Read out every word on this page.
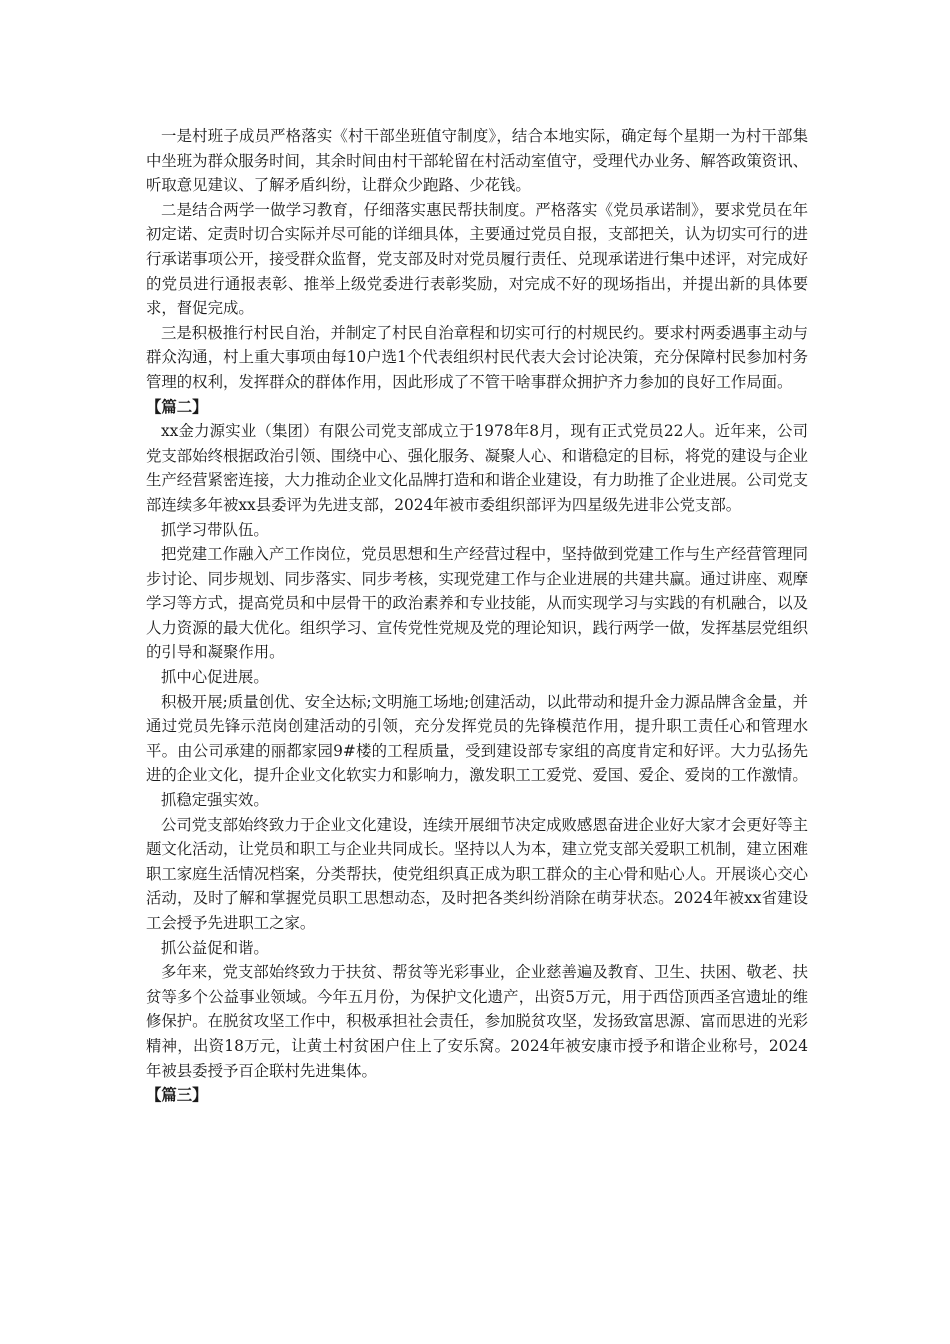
一是村班子成员严格落实《村干部坐班值守制度》，结合本地实际，确定每个星期一为村干部集中坐班为群众服务时间，其余时间由村干部轮留在村活动室值守，受理代办业务、解答政策资讯、听取意见建议、了解矛盾纠纷，让群众少跑路、少花钱。

二是结合两学一做学习教育，仔细落实惠民帮扶制度。严格落实《党员承诺制》，要求党员在年初定诺、定责时切合实际并尽可能的详细具体，主要通过党员自报，支部把关，认为切实可行的进行承诺事项公开，接受群众监督，党支部及时对党员履行责任、兑现承诺进行集中述评，对完成好的党员进行通报表彰、推举上级党委进行表彰奖励，对完成不好的现场指出，并提出新的具体要求，督促完成。

三是积极推行村民自治，并制定了村民自治章程和切实可行的村规民约。要求村两委遇事主动与群众沟通，村上重大事项由每10户选1个代表组织村民代表大会讨论决策，充分保障村民参加村务管理的权利，发挥群众的群体作用，因此形成了不管干啥事群众拥护齐力参加的良好工作局面。

【篇二】

xx金力源实业（集团）有限公司党支部成立于1978年8月，现有正式党员22人。近年来，公司党支部始终根据政治引领、围绕中心、强化服务、凝聚人心、和谐稳定的目标，将党的建设与企业生产经营紧密连接，大力推动企业文化品牌打造和和谐企业建设，有力助推了企业进展。公司党支部连续多年被xx县委评为先进支部，2024年被市委组织部评为四星级先进非公党支部。

抓学习带队伍。

把党建工作融入产工作岗位，党员思想和生产经营过程中，坚持做到党建工作与生产经营管理同步讨论、同步规划、同步落实、同步考核，实现党建工作与企业进展的共建共赢。通过讲座、观摩学习等方式，提高党员和中层骨干的政治素养和专业技能，从而实现学习与实践的有机融合，以及人力资源的最大优化。组织学习、宣传党性党规及党的理论知识，践行两学一做，发挥基层党组织的引导和凝聚作用。

抓中心促进展。

积极开展;质量创优、安全达标;文明施工场地;创建活动，以此带动和提升金力源品牌含金量，并通过党员先锋示范岗创建活动的引领，充分发挥党员的先锋模范作用，提升职工责任心和管理水平。由公司承建的丽都家园9#楼的工程质量，受到建设部专家组的高度肯定和好评。大力弘扬先进的企业文化，提升企业文化软实力和影响力，激发职工工爱党、爱国、爱企、爱岗的工作激情。

抓稳定强实效。

公司党支部始终致力于企业文化建设，连续开展细节决定成败感恩奋进企业好大家才会更好等主题文化活动，让党员和职工与企业共同成长。坚持以人为本，建立党支部关爱职工机制，建立困难职工家庭生活情况档案，分类帮扶，使党组织真正成为职工群众的主心骨和贴心人。开展谈心交心活动，及时了解和掌握党员职工思想动态，及时把各类纠纷消除在萌芽状态。2024年被xx省建设工会授予先进职工之家。

抓公益促和谐。

多年来，党支部始终致力于扶贫、帮贫等光彩事业，企业慈善遍及教育、卫生、扶困、敬老、扶贫等多个公益事业领域。今年五月份，为保护文化遗产，出资5万元，用于西岱顶西圣宫遗址的维修保护。在脱贫攻坚工作中，积极承担社会责任，参加脱贫攻坚，发扬致富思源、富而思进的光彩精神，出资18万元，让黄土村贫困户住上了安乐窝。2024年被安康市授予和谐企业称号，2024年被县委授予百企联村先进集体。

【篇三】
